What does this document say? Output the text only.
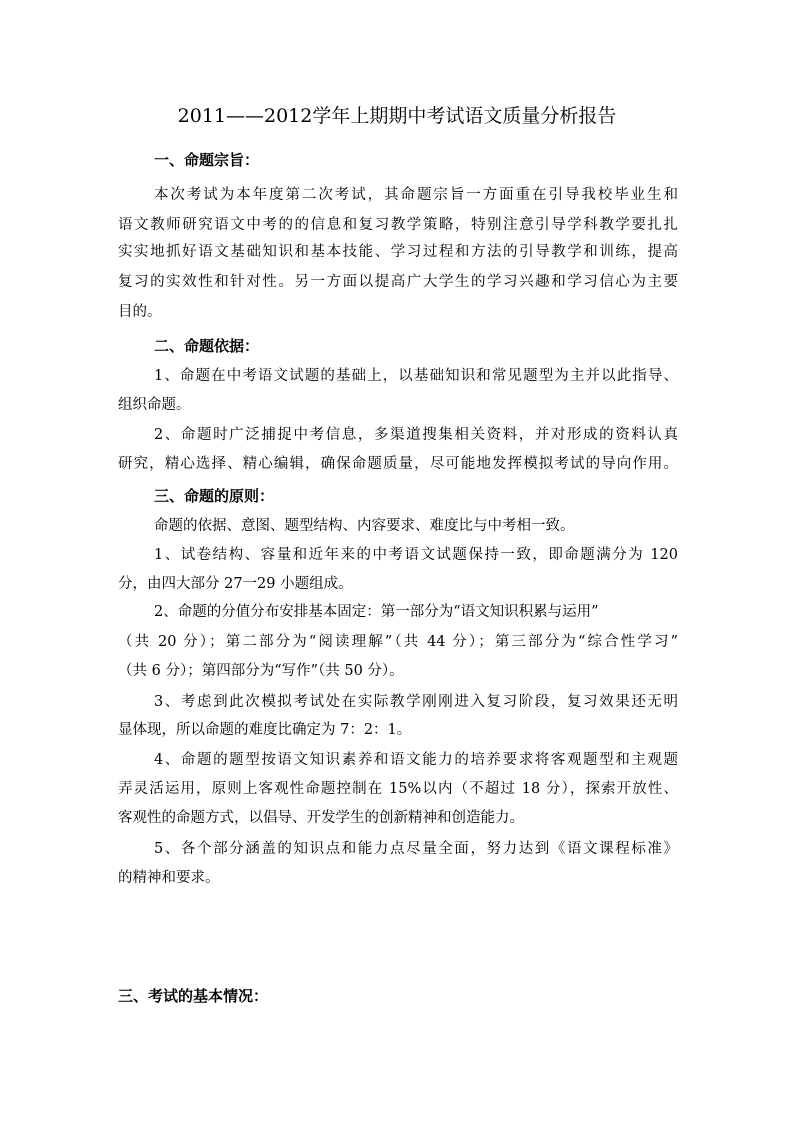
2011——2012学年上期期中考试语文质量分析报告
一、命题宗旨：
本次考试为本年度第二次考试，其命题宗旨一方面重在引导我校毕业生和
语文教师研究语文中考的的信息和复习教学策略，特别注意引导学科教学要扎扎
实实地抓好语文基础知识和基本技能、学习过程和方法的引导教学和训练，提高
复习的实效性和针对性。另一方面以提高广大学生的学习兴趣和学习信心为主要
目的。
二、命题依据：
1、命题在中考语文试题的基础上，以基础知识和常见题型为主并以此指导、
组织命题。
2、命题时广泛捕捉中考信息，多渠道搜集相关资料，并对形成的资料认真
研究，精心选择、精心编辑，确保命题质量，尽可能地发挥模拟考试的导向作用。
三、命题的原则：
命题的依据、意图、题型结构、内容要求、难度比与中考相一致。
1、试卷结构、容量和近年来的中考语文试题保持一致，即命题满分为 120
分，由四大部分 27一29 小题组成。
2、命题的分值分布安排基本固定：第一部分为“语文知识积累与运用”
（共 20 分）；第二部分为“阅读理解”（共 44 分）；第三部分为“综合性学习”
（共 6 分）；第四部分为“写作”（共 50 分）。
3、考虑到此次模拟考试处在实际教学刚刚进入复习阶段，复习效果还无明
显体现，所以命题的难度比确定为 7：2：1。
4、命题的题型按语文知识素养和语文能力的培养要求将客观题型和主观题
弄灵活运用，原则上客观性命题控制在 15%以内（不超过 18 分），探索开放性、
客观性的命题方式，以倡导、开发学生的创新精神和创造能力。
5、各个部分涵盖的知识点和能力点尽量全面，努力达到《语文课程标准》
的精神和要求。
三、考试的基本情况：
